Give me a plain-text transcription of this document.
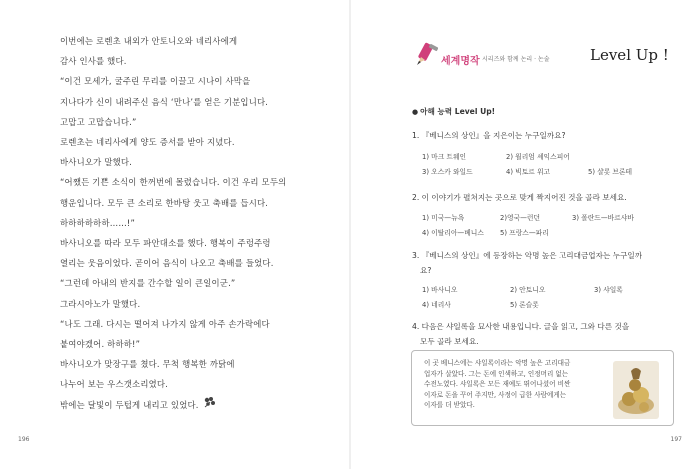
이번에는 로렌초 내외가 안토니오와 네리사에게

감사 인사를 했다.

“이건 모세가, 굴주린 무리를 이끌고 시나이 사막을

지나다가 신이 내려주신 음식 ‘만나’를 얻은 기분입니다.

고맙고 고맙습니다.”

로렌초는 네리사에게 양도 증서를 받아 지녔다.

바사니오가 말했다.

“어쨌든 기쁜 소식이 한꺼번에 몰렸습니다. 이건 우리 모두의

행운입니다. 모두 큰 소리로 한바탕 웃고 축배를 듭시다.

하하하하하하……!”

바사니오를 따라 모두 파안대소를 했다. 행복이 주렁주렁

열리는 웃음이었다. 곧이어 음식이 나오고 축배를 들었다.

“그런데 아내의 반지를 간수할 일이 큰일이군.”

그라시아노가 말했다.

“나도 그래. 다시는 떨어져 나가지 않게 아주 손가락에다

붙여야겠어. 하하하!”

바사니오가 맞장구를 쳤다. 무척 행복한 까닭에

나누어 보는 우스갯소리였다.

밖에는 달빛이 두텁게 내리고 있었다.

196
세계명작 시리즈와 함께 논리 · 논술	Level Up !
● 아해 능력 Level Up!
1. 『베니스의 상인』을 지은이는 누구일까요?
1) 마크 트웨인	2) 윌리엄 셰익스피어
3) 오스카 와일드	4) 빅토르 위고	5) 샬롯 브론테
2. 이 이야기가 펼쳐지는 곳으로 맞게 짝지어진 것을 골라 보세요.
1) 미국—뉴욕	2)영국—런던	3) 폴란드—바르샤바
4) 이탈리아—베니스 5) 프랑스—파리
3. 『베니스의 상인』에 등장하는 악명 높은 고리대금업자는 누구일까
요?
1) 바사니오	2) 안토니오	3) 샤일록
4) 네리사	5) 론슬롯
4. 다음은 샤일록을 묘사한 내용입니다. 글을 읽고, 그와 다른 것을
모두 골라 보세요.

이 곳 베니스에는 샤일록이라는 악명 높은 고리대금
업자가 살았다. 그는 돈에 인색하고, 인정머리 없는
수전노였다. 샤일록은 모든 재예도 뛰어나셨어 비싼
이자로 돈을 꾸어 주지만, 사정이 급한 사람에게는
이자를 더 받았다.

197
